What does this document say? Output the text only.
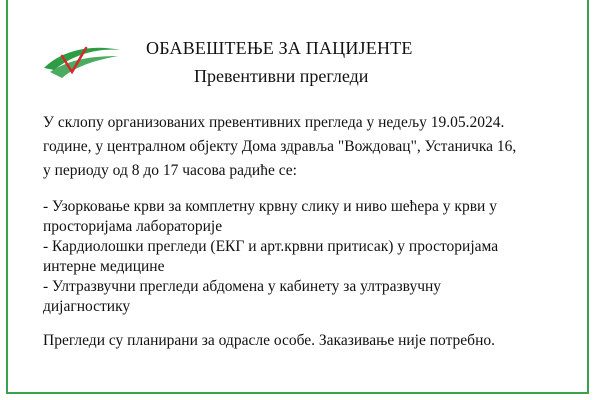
ОБАВЕШТЕЊЕ ЗА ПАЦИЈЕНТЕ
Превентивни прегледи
У склопу организованих превентивних прегледа у недељу 19.05.2024.
године, у централном објекту Дома здравља "Вождовац", Устаничка 16,
у периоду од 8 до 17 часова радиће се:
- Узорковање крви за комплетну крвну слику и ниво шећера у крви у
просторијама лабораторије
- Кардиолошки прегледи (ЕКГ и арт.крвни притисак) у просторијама
интерне медицине
- Ултразвучни прегледи абдомена у кабинету за ултразвучну
дијагностику
Прегледи су планирани за одрасле особе. Заказивање није потребно.
